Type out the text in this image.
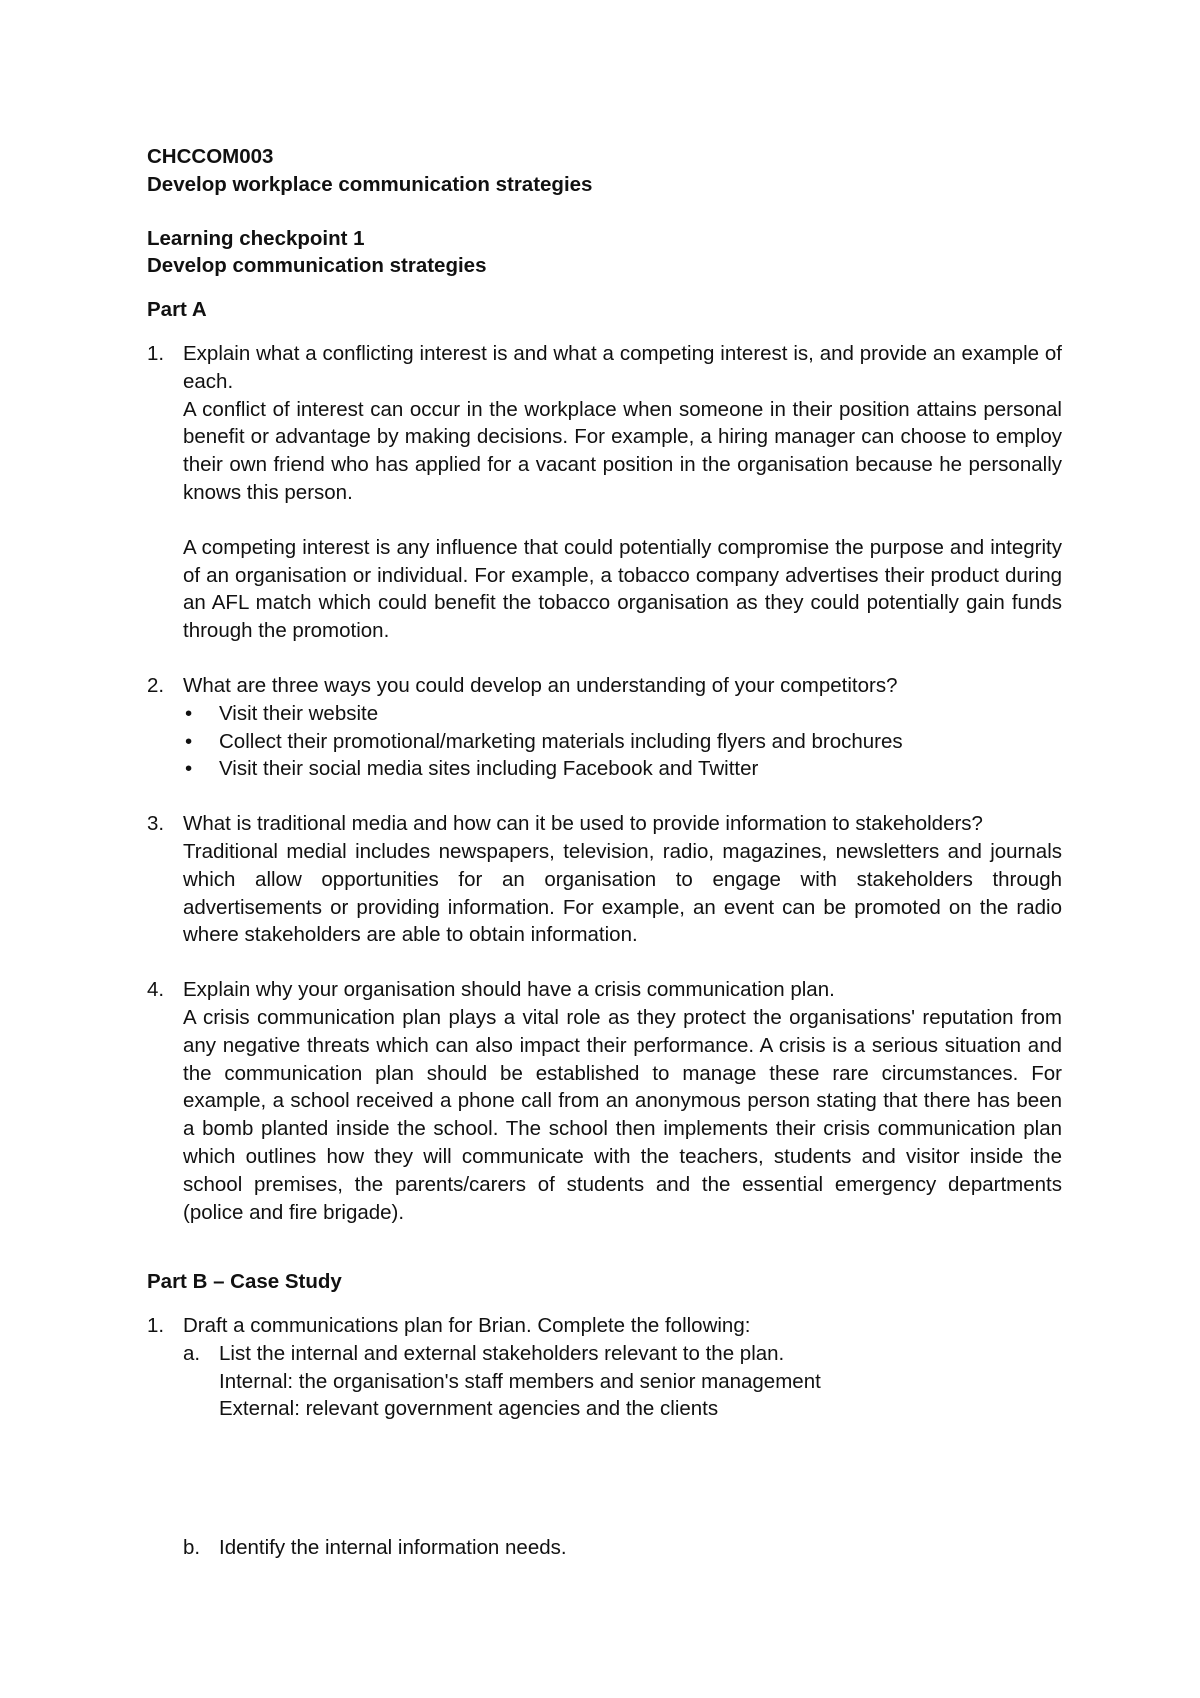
CHCCOM003

Develop workplace communication strategies

Learning checkpoint 1

Develop communication strategies

Part A

1. Explain what a conflicting interest is and what a competing interest is, and provide an example of each.

A conflict of interest can occur in the workplace when someone in their position attains personal benefit or advantage by making decisions. For example, a hiring manager can choose to employ their own friend who has applied for a vacant position in the organisation because he personally knows this person.

A competing interest is any influence that could potentially compromise the purpose and integrity of an organisation or individual. For example, a tobacco company advertises their product during an AFL match which could benefit the tobacco organisation as they could potentially gain funds through the promotion.

2. What are three ways you could develop an understanding of your competitors?

• Visit their website
• Collect their promotional/marketing materials including flyers and brochures
• Visit their social media sites including Facebook and Twitter
3. What is traditional media and how can it be used to provide information to stakeholders?

Traditional medial includes newspapers, television, radio, magazines, newsletters and journals which allow opportunities for an organisation to engage with stakeholders through advertisements or providing information. For example, an event can be promoted on the radio where stakeholders are able to obtain information.

4. Explain why your organisation should have a crisis communication plan.

A crisis communication plan plays a vital role as they protect the organisations' reputation from any negative threats which can also impact their performance. A crisis is a serious situation and the communication plan should be established to manage these rare circumstances. For example, a school received a phone call from an anonymous person stating that there has been a bomb planted inside the school. The school then implements their crisis communication plan which outlines how they will communicate with the teachers, students and visitor inside the school premises, the parents/carers of students and the essential emergency departments (police and fire brigade).

Part B – Case Study

1. Draft a communications plan for Brian. Complete the following:

a. List the internal and external stakeholders relevant to the plan.

Internal: the organisation's staff members and senior management

External: relevant government agencies and the clients

b. Identify the internal information needs.
